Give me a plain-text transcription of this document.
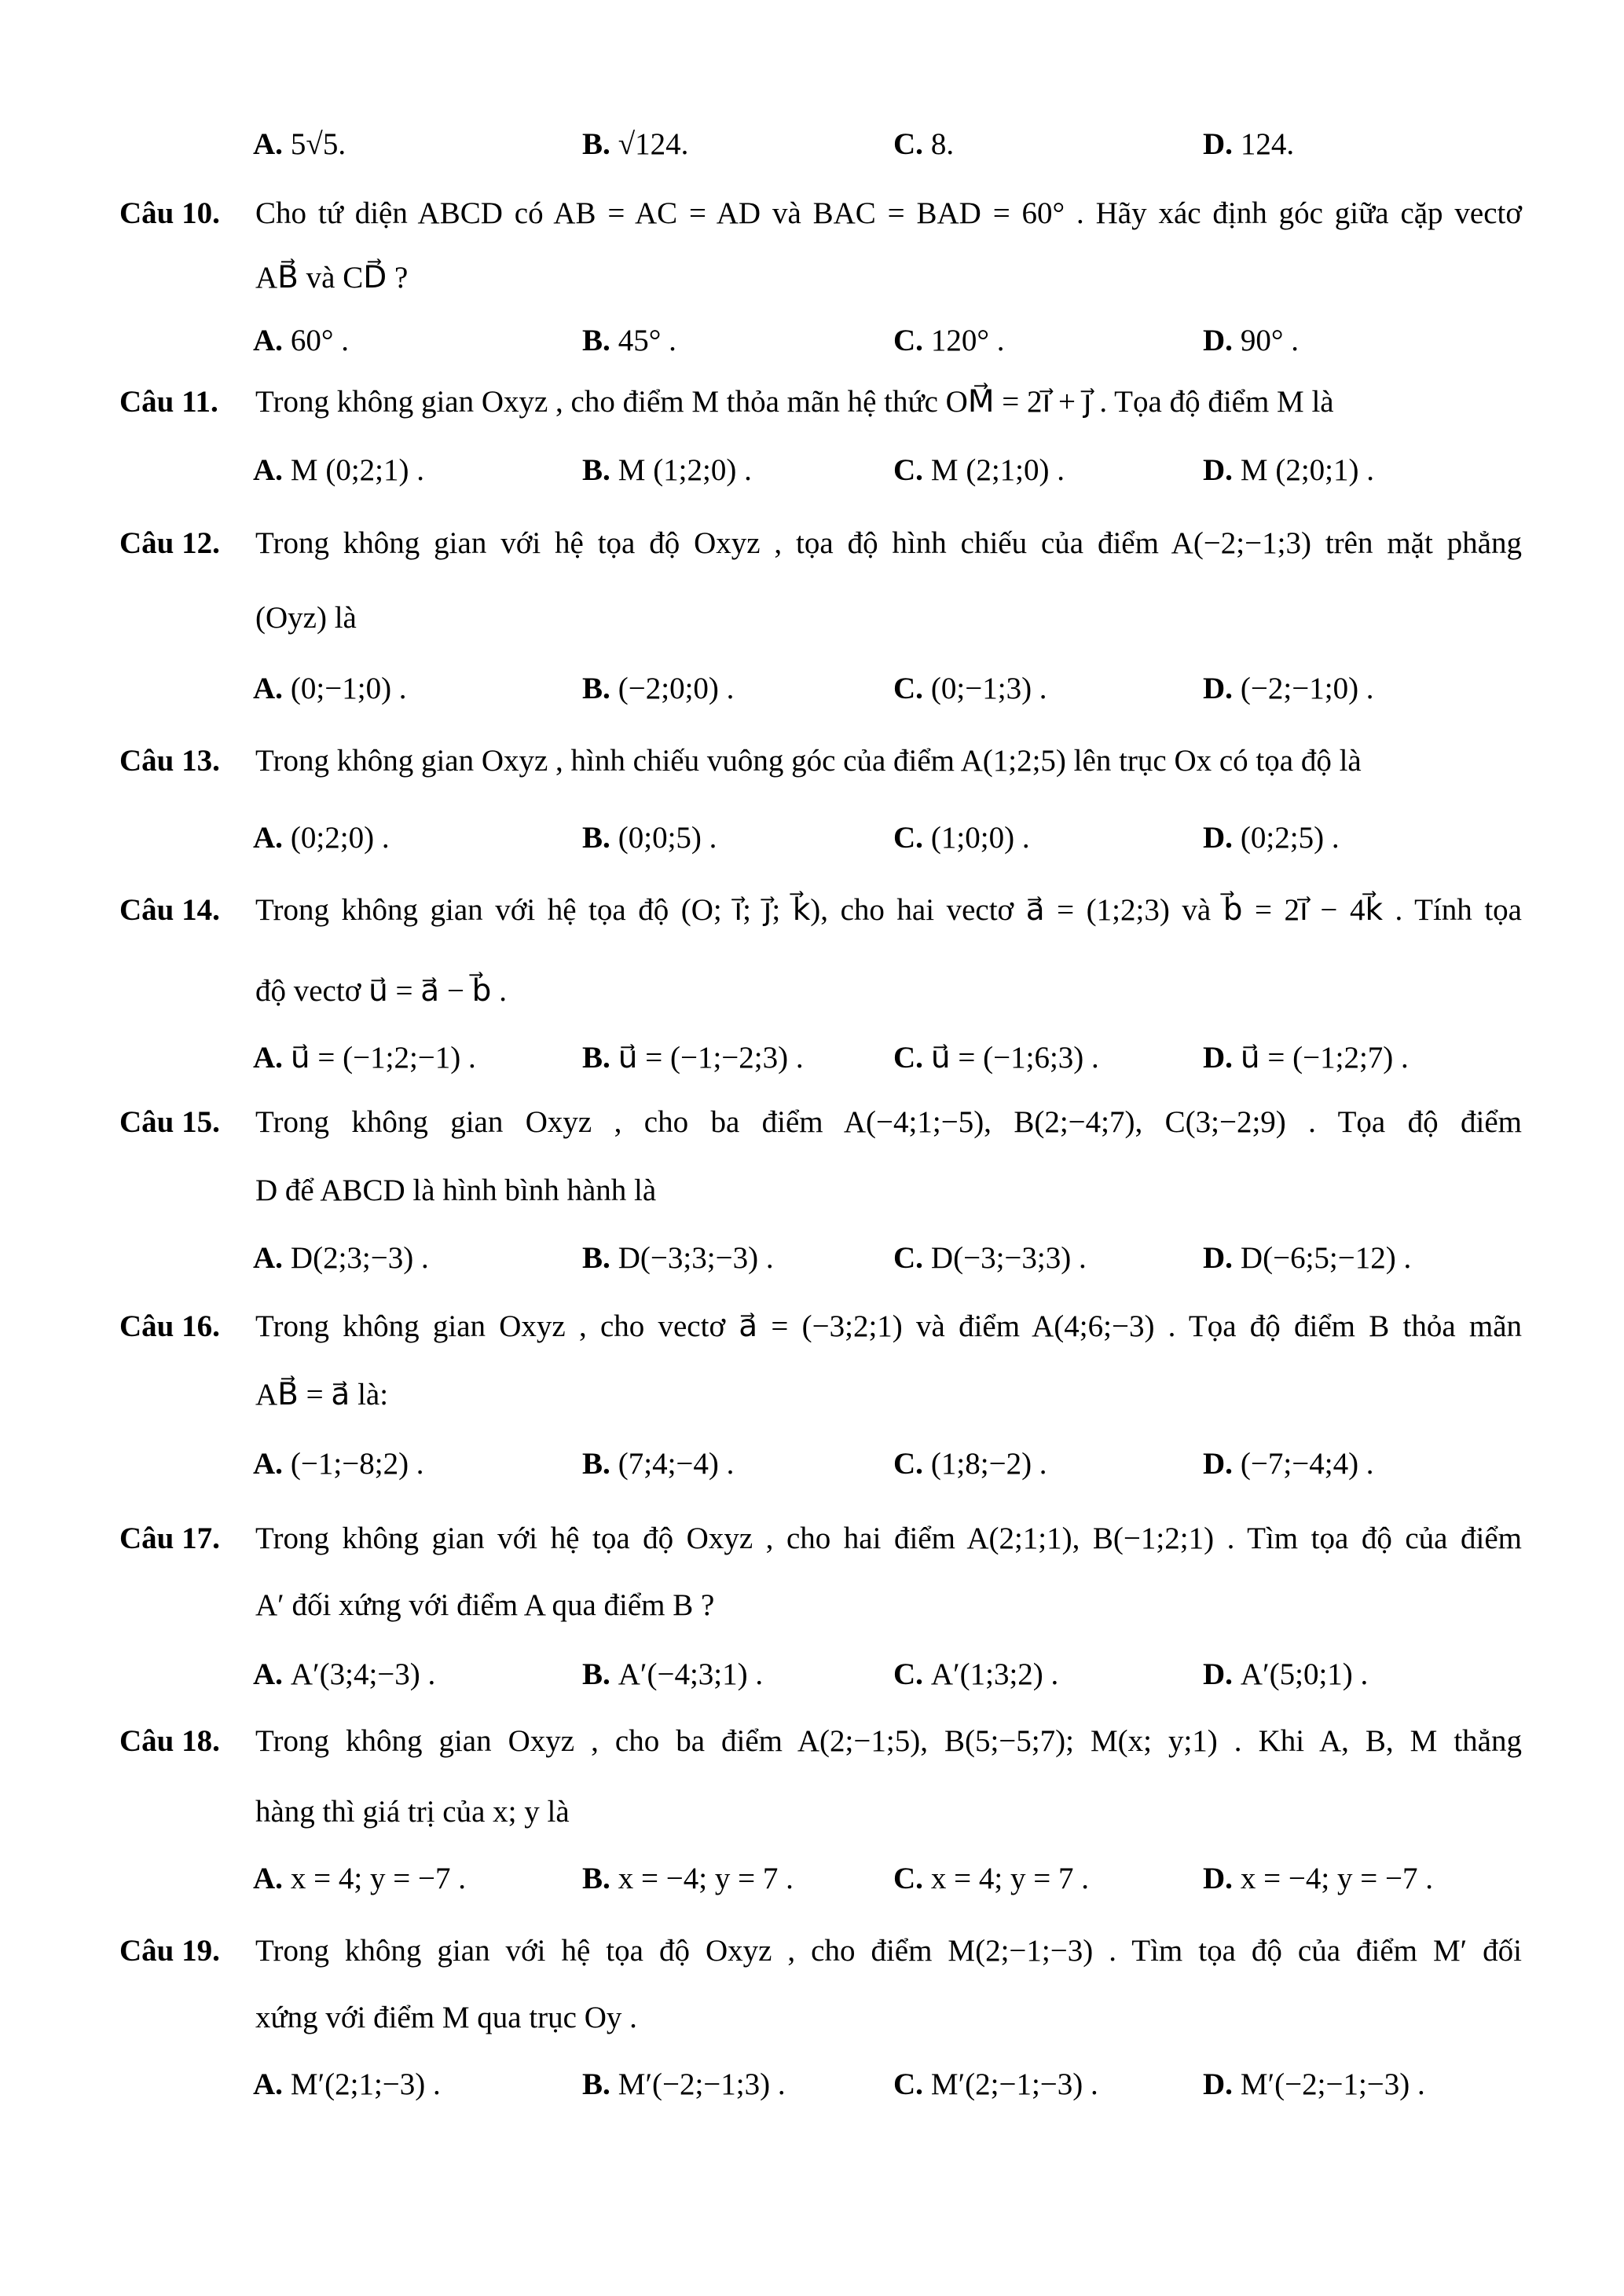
A. 5√5.	B. √124.	C. 8.	D. 124.
Câu 10. Cho tứ diện ABCD có AB = AC = AD và BAC = BAD = 60° . Hãy xác định góc giữa cặp vectơ
AB⃗ và CD⃗ ?
A. 60° .	B. 45° .	C. 120° .	D. 90° .
Câu 11. Trong không gian Oxyz , cho điểm M thỏa mãn hệ thức OM⃗ = 2i⃗ + j⃗ . Tọa độ điểm M là
A. M (0;2;1) .	B. M (1;2;0) .	C. M (2;1;0) .	D. M (2;0;1) .
Câu 12. Trong không gian với hệ tọa độ Oxyz , tọa độ hình chiếu của điểm A(−2;−1;3) trên mặt phẳng
(Oyz) là
A. (0;−1;0) .	B. (−2;0;0) .	C. (0;−1;3) .	D. (−2;−1;0) .
Câu 13. Trong không gian Oxyz , hình chiếu vuông góc của điểm A(1;2;5) lên trục Ox có tọa độ là
A. (0;2;0) .	B. (0;0;5) .	C. (1;0;0) .	D. (0;2;5) .
Câu 14. Trong không gian với hệ tọa độ (O; i⃗; j⃗; k⃗), cho hai vectơ a⃗ = (1;2;3) và b⃗ = 2i⃗ − 4k⃗ . Tính tọa
độ vectơ u⃗ = a⃗ − b⃗ .
A. u⃗ = (−1;2;−1) .	B. u⃗ = (−1;−2;3) .	C. u⃗ = (−1;6;3) .	D. u⃗ = (−1;2;7) .
Câu 15. Trong không gian Oxyz , cho ba điểm A(−4;1;−5), B(2;−4;7), C(3;−2;9) . Tọa độ điểm
D để ABCD là hình bình hành là
A. D(2;3;−3) .	B. D(−3;3;−3) .	C. D(−3;−3;3) .	D. D(−6;5;−12) .
Câu 16. Trong không gian Oxyz , cho vectơ a⃗ = (−3;2;1) và điểm A(4;6;−3) . Tọa độ điểm B thỏa mãn
AB⃗ = a⃗ là:
A. (−1;−8;2) .	B. (7;4;−4) .	C. (1;8;−2) .	D. (−7;−4;4) .
Câu 17. Trong không gian với hệ tọa độ Oxyz , cho hai điểm A(2;1;1), B(−1;2;1) . Tìm tọa độ của điểm
A′ đối xứng với điểm A qua điểm B ?
A. A′(3;4;−3) .	B. A′(−4;3;1) .	C. A′(1;3;2) .	D. A′(5;0;1) .
Câu 18. Trong không gian Oxyz , cho ba điểm A(2;−1;5), B(5;−5;7); M(x; y;1) . Khi A, B, M thẳng
hàng thì giá trị của x; y là
A. x = 4; y = −7 .	B. x = −4; y = 7 .	C. x = 4; y = 7 .	D. x = −4; y = −7 .
Câu 19. Trong không gian với hệ tọa độ Oxyz , cho điểm M(2;−1;−3) . Tìm tọa độ của điểm M′ đối
xứng với điểm M qua trục Oy .
A. M′(2;1;−3) .	B. M′(−2;−1;3) .	C. M′(2;−1;−3) .	D. M′(−2;−1;−3) .
